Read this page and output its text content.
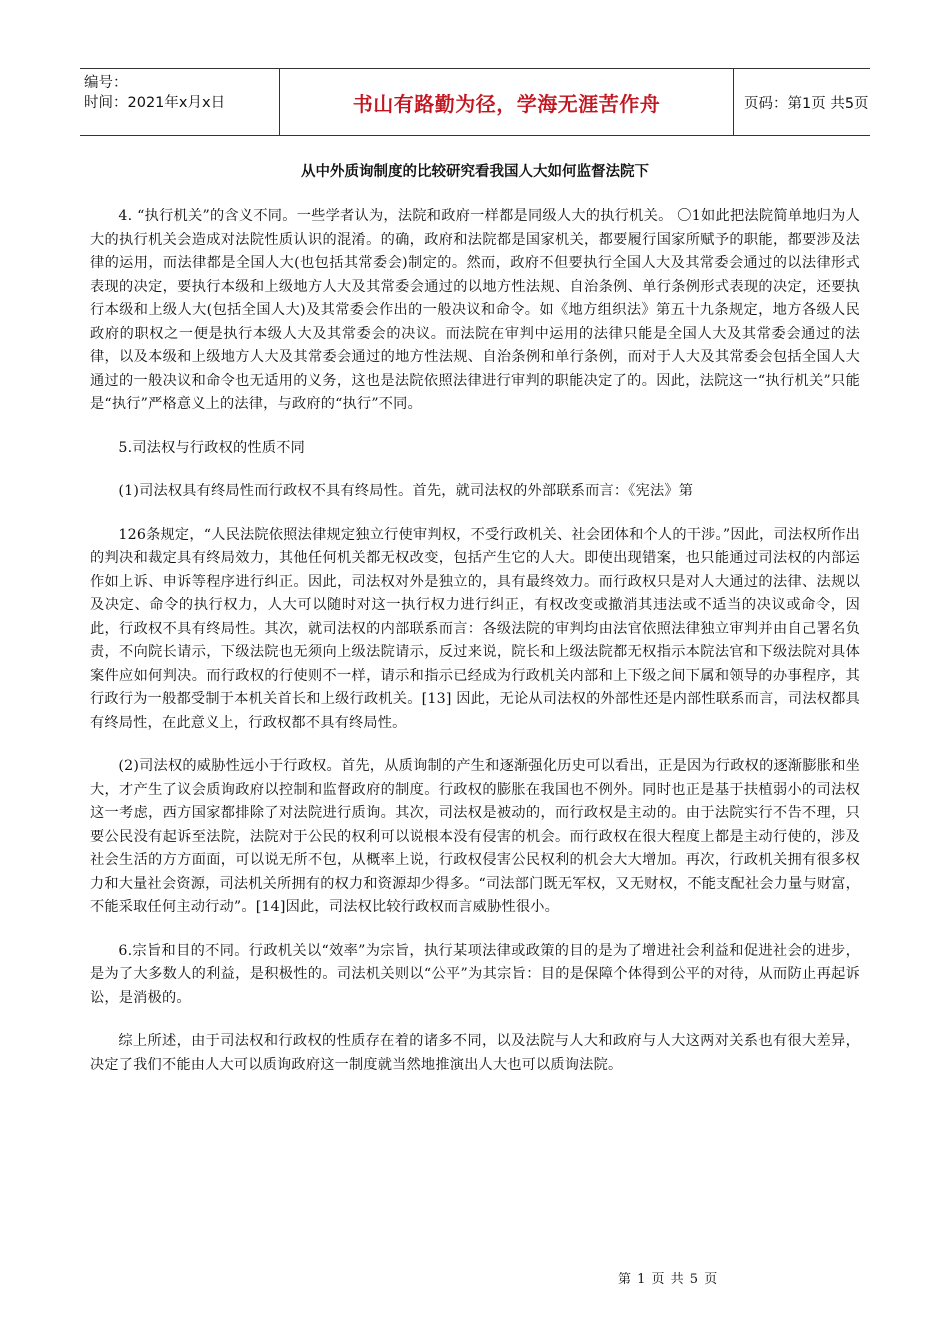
编号：
时间：2021年x月x日	书山有路勤为径，学海无涯苦作舟	页码：第1页 共5页
从中外质询制度的比较研究看我国人大如何监督法院下

4. “执行机关”的含义不同。一些学者认为，法院和政府一样都是同级人大的执行机关。 〇1如此把法院简单地归为人大的执行机关会造成对法院性质认识的混淆。的确，政府和法院都是国家机关，都要履行国家所赋予的职能，都要涉及法律的运用，而法律都是全国人大(也包括其常委会)制定的。然而，政府不但要执行全国人大及其常委会通过的以法律形式表现的决定，要执行本级和上级地方人大及其常委会通过的以地方性法规、自治条例、单行条例形式表现的决定，还要执行本级和上级人大(包括全国人大)及其常委会作出的一般决议和命令。如《地方组织法》第五十九条规定，地方各级人民政府的职权之一便是执行本级人大及其常委会的决议。而法院在审判中运用的法律只能是全国人大及其常委会通过的法律，以及本级和上级地方人大及其常委会通过的地方性法规、自治条例和单行条例，而对于人大及其常委会包括全国人大通过的一般决议和命令也无适用的义务，这也是法院依照法律进行审判的职能决定了的。因此，法院这一“执行机关”只能是“执行”严格意义上的法律，与政府的“执行”不同。

5.司法权与行政权的性质不同

(1)司法权具有终局性而行政权不具有终局性。首先，就司法权的外部联系而言：《宪法》第

126条规定，“人民法院依照法律规定独立行使审判权，不受行政机关、社会团体和个人的干涉。”因此，司法权所作出的判决和裁定具有终局效力，其他任何机关都无权改变，包括产生它的人大。即使出现错案，也只能通过司法权的内部运作如上诉、申诉等程序进行纠正。因此，司法权对外是独立的，具有最终效力。而行政权只是对人大通过的法律、法规以及决定、命令的执行权力，人大可以随时对这一执行权力进行纠正，有权改变或撤消其违法或不适当的决议或命令，因此，行政权不具有终局性。其次，就司法权的内部联系而言：各级法院的审判均由法官依照法律独立审判并由自己署名负责，不向院长请示，下级法院也无须向上级法院请示，反过来说，院长和上级法院都无权指示本院法官和下级法院对具体案件应如何判决。而行政权的行使则不一样，请示和指示已经成为行政机关内部和上下级之间下属和领导的办事程序，其行政行为一般都受制于本机关首长和上级行政机关。[13] 因此，无论从司法权的外部性还是内部性联系而言，司法权都具有终局性，在此意义上，行政权都不具有终局性。

(2)司法权的威胁性远小于行政权。首先，从质询制的产生和逐渐强化历史可以看出，正是因为行政权的逐渐膨胀和坐大，才产生了议会质询政府以控制和监督政府的制度。行政权的膨胀在我国也不例外。同时也正是基于扶植弱小的司法权这一考虑，西方国家都排除了对法院进行质询。其次，司法权是被动的，而行政权是主动的。由于法院实行不告不理，只要公民没有起诉至法院，法院对于公民的权利可以说根本没有侵害的机会。而行政权在很大程度上都是主动行使的，涉及社会生活的方方面面，可以说无所不包，从概率上说，行政权侵害公民权利的机会大大增加。再次，行政机关拥有很多权力和大量社会资源，司法机关所拥有的权力和资源却少得多。“司法部门既无军权，又无财权，不能支配社会力量与财富，不能采取任何主动行动”。[14]因此，司法权比较行政权而言威胁性很小。

6.宗旨和目的不同。行政机关以“效率”为宗旨，执行某项法律或政策的目的是为了增进社会利益和促进社会的进步，是为了大多数人的利益，是积极性的。司法机关则以“公平”为其宗旨：目的是保障个体得到公平的对待，从而防止再起诉讼，是消极的。

综上所述，由于司法权和行政权的性质存在着的诸多不同，以及法院与人大和政府与人大这两对关系也有很大差异，决定了我们不能由人大可以质询政府这一制度就当然地推演出人大也可以质询法院。

第 1 页 共 5 页
